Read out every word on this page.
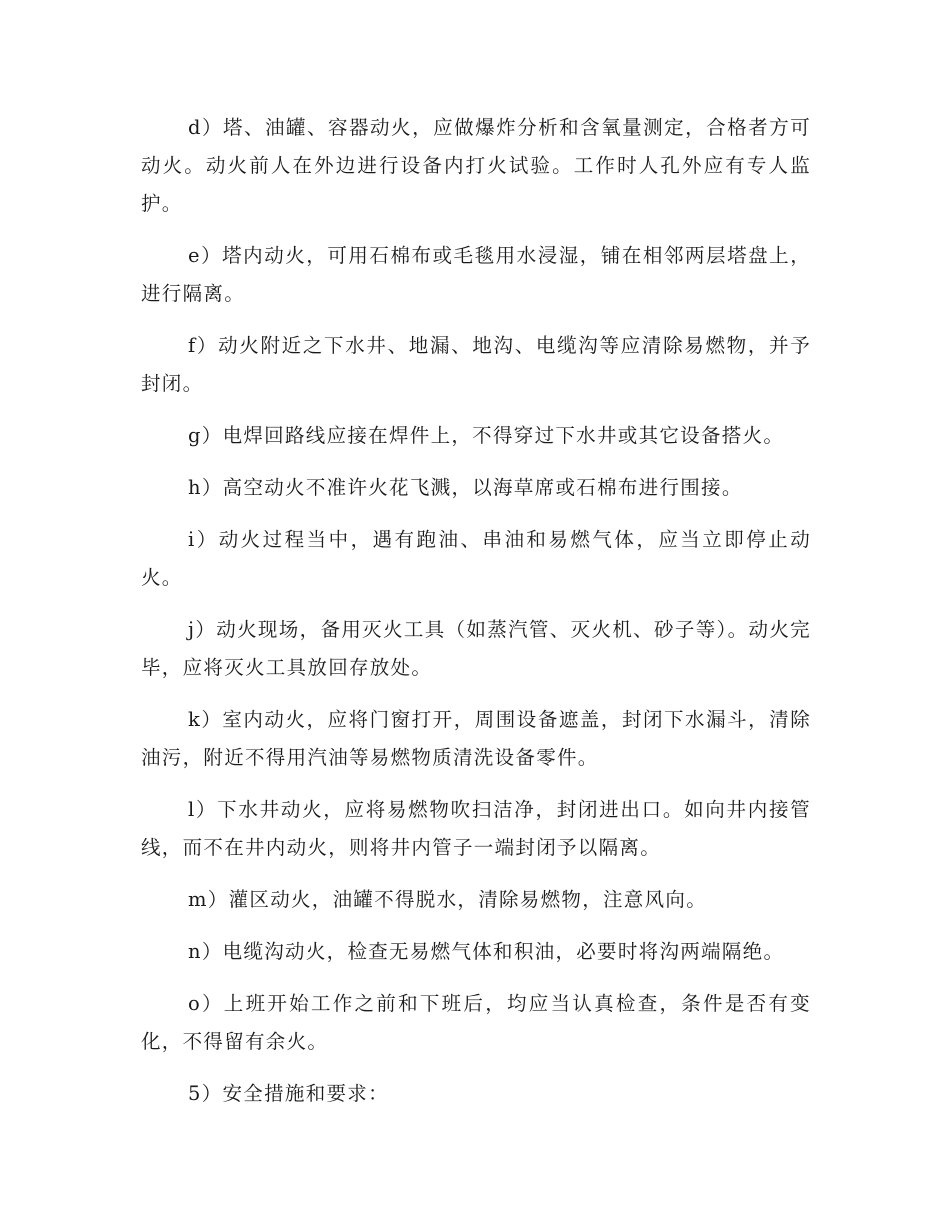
d）塔、油罐、容器动火，应做爆炸分析和含氧量测定，合格者方可动火。动火前人在外边进行设备内打火试验。工作时人孔外应有专人监护。

e）塔内动火，可用石棉布或毛毯用水浸湿，铺在相邻两层塔盘上，进行隔离。

f）动火附近之下水井、地漏、地沟、电缆沟等应清除易燃物，并予封闭。

g）电焊回路线应接在焊件上，不得穿过下水井或其它设备搭火。

h）高空动火不准许火花飞溅，以海草席或石棉布进行围接。

i）动火过程当中，遇有跑油、串油和易燃气体，应当立即停止动火。

j）动火现场，备用灭火工具（如蒸汽管、灭火机、砂子等）。动火完毕，应将灭火工具放回存放处。

k）室内动火，应将门窗打开，周围设备遮盖，封闭下水漏斗，清除油污，附近不得用汽油等易燃物质清洗设备零件。

l）下水井动火，应将易燃物吹扫洁净，封闭进出口。如向井内接管线，而不在井内动火，则将井内管子一端封闭予以隔离。

m）灌区动火，油罐不得脱水，清除易燃物，注意风向。

n）电缆沟动火，检查无易燃气体和积油，必要时将沟两端隔绝。

o）上班开始工作之前和下班后，均应当认真检查，条件是否有变化，不得留有余火。

5）安全措施和要求：
